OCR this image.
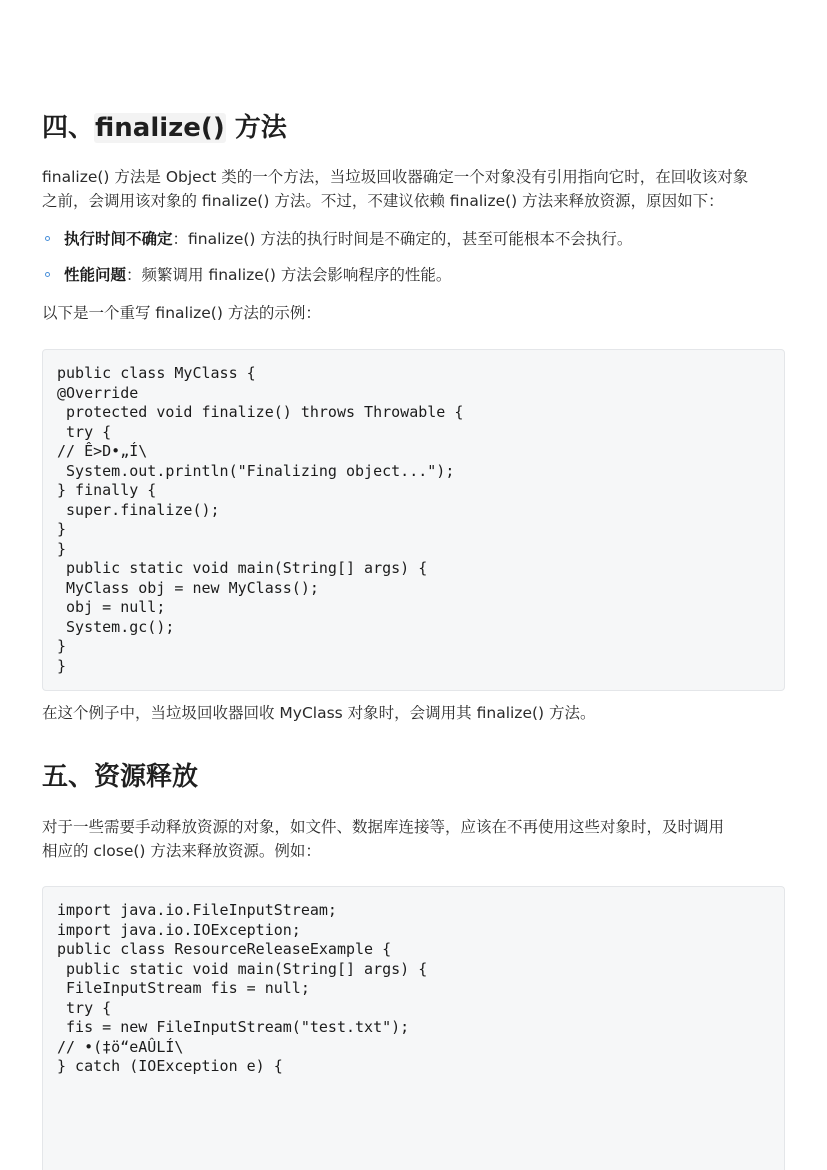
四、finalize() 方法

finalize() 方法是 Object 类的一个方法，当垃圾回收器确定一个对象没有引用指向它时，在回收该对象

之前，会调用该对象的 finalize() 方法。不过，不建议依赖 finalize() 方法来释放资源，原因如下：

执行时间不确定：finalize() 方法的执行时间是不确定的，甚至可能根本不会执行。
性能问题：频繁调用 finalize() 方法会影响程序的性能。

以下是一个重写 finalize() 方法的示例：

public class MyClass {
@Override
protected void finalize() throws Throwable {
try {
// Ê>D•„Í\
System.out.println("Finalizing object...");
} finally {
super.finalize();
}
}
public static void main(String[] args) {
MyClass obj = new MyClass();
obj = null;
System.gc();
}
}

在这个例子中，当垃圾回收器回收 MyClass 对象时，会调用其 finalize() 方法。

五、资源释放

对于一些需要手动释放资源的对象，如文件、数据库连接等，应该在不再使用这些对象时，及时调用

相应的 close() 方法来释放资源。例如：

import java.io.FileInputStream;
import java.io.IOException;
public class ResourceReleaseExample {
public static void main(String[] args) {
FileInputStream fis = null;
try {
fis = new FileInputStream("test.txt");
// •(‡ö“eAÛLÍ\
} catch (IOException e) {
